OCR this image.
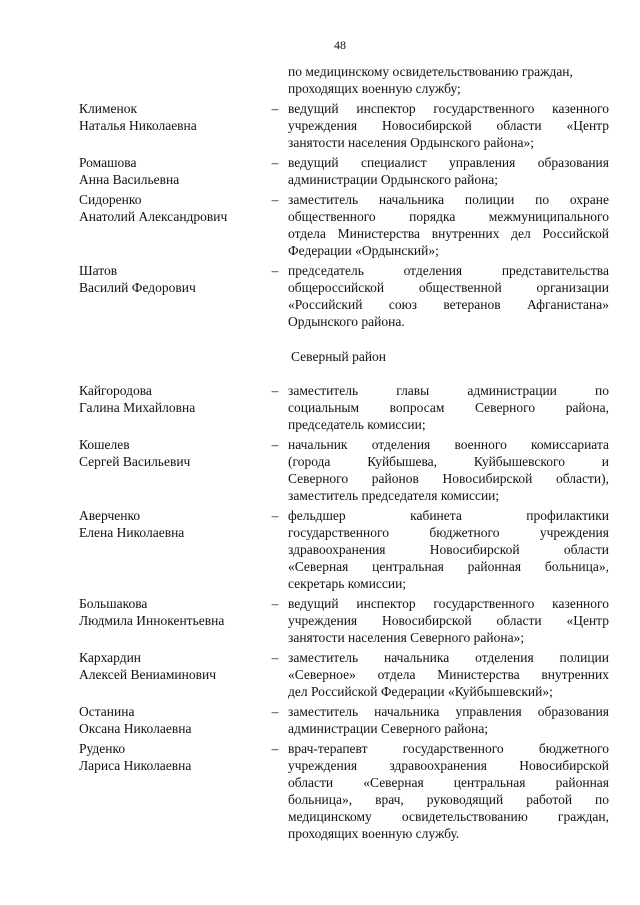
48
по медицинскому освидетельствованию граждан,
проходящих военную службу;
Клименок
Наталья Николаевна
– ведущий инспектор государственного казенного
учреждения Новосибирской области «Центр
занятости населения Ордынского района»;
Ромашова
Анна Васильевна
– ведущий специалист управления образования
администрации Ордынского района;
Сидоренко
Анатолий Александрович
– заместитель начальника полиции по охране
общественного порядка межмуниципального
отдела Министерства внутренних дел Российской
Федерации «Ордынский»;
Шатов
Василий Федорович
– председатель отделения представительства
общероссийской общественной организации
«Российский союз ветеранов Афганистана»
Ордынского района.
Северный район
Кайгородова
Галина Михайловна
– заместитель главы администрации по
социальным вопросам Северного района,
председатель комиссии;
Кошелев
Сергей Васильевич
– начальник отделения военного комиссариата
(города Куйбышева, Куйбышевского и
Северного районов Новосибирской области),
заместитель председателя комиссии;
Аверченко
Елена Николаевна
– фельдшер кабинета профилактики
государственного бюджетного учреждения
здравоохранения Новосибирской области
«Северная центральная районная больница»,
секретарь комиссии;
Большакова
Людмила Иннокентьевна
– ведущий инспектор государственного казенного
учреждения Новосибирской области «Центр
занятости населения Северного района»;
Кархардин
Алексей Вениаминович
– заместитель начальника отделения полиции
«Северное» отдела Министерства внутренних
дел Российской Федерации «Куйбышевский»;
Останина
Оксана Николаевна
– заместитель начальника управления образования
администрации Северного района;
Руденко
Лариса Николаевна
– врач-терапевт государственного бюджетного
учреждения здравоохранения Новосибирской
области «Северная центральная районная
больница», врач, руководящий работой по
медицинскому освидетельствованию граждан,
проходящих военную службу.
